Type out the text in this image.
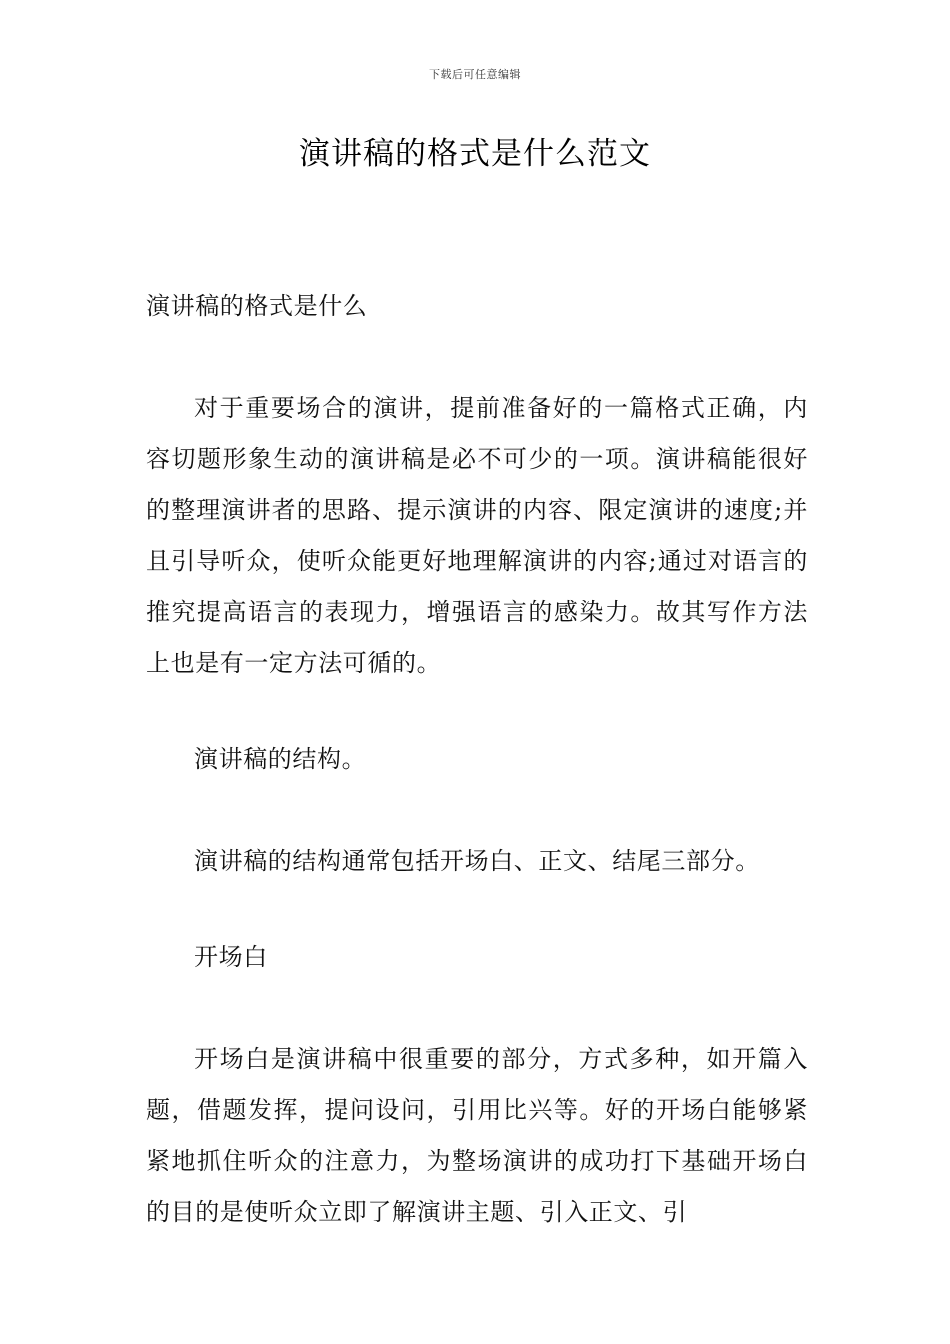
下载后可任意编辑
演讲稿的格式是什么范文

演讲稿的格式是什么

对于重要场合的演讲，提前准备好的一篇格式正确，内容切题形象生动的演讲稿是必不可少的一项。演讲稿能很好的整理演讲者的思路、提示演讲的内容、限定演讲的速度;并且引导听众，使听众能更好地理解演讲的内容;通过对语言的推究提高语言的表现力，增强语言的感染力。故其写作方法上也是有一定方法可循的。

演讲稿的结构。

演讲稿的结构通常包括开场白、正文、结尾三部分。

开场白

开场白是演讲稿中很重要的部分，方式多种，如开篇入题，借题发挥，提问设问，引用比兴等。好的开场白能够紧紧地抓住听众的注意力，为整场演讲的成功打下基础开场白的目的是使听众立即了解演讲主题、引入正文、引
